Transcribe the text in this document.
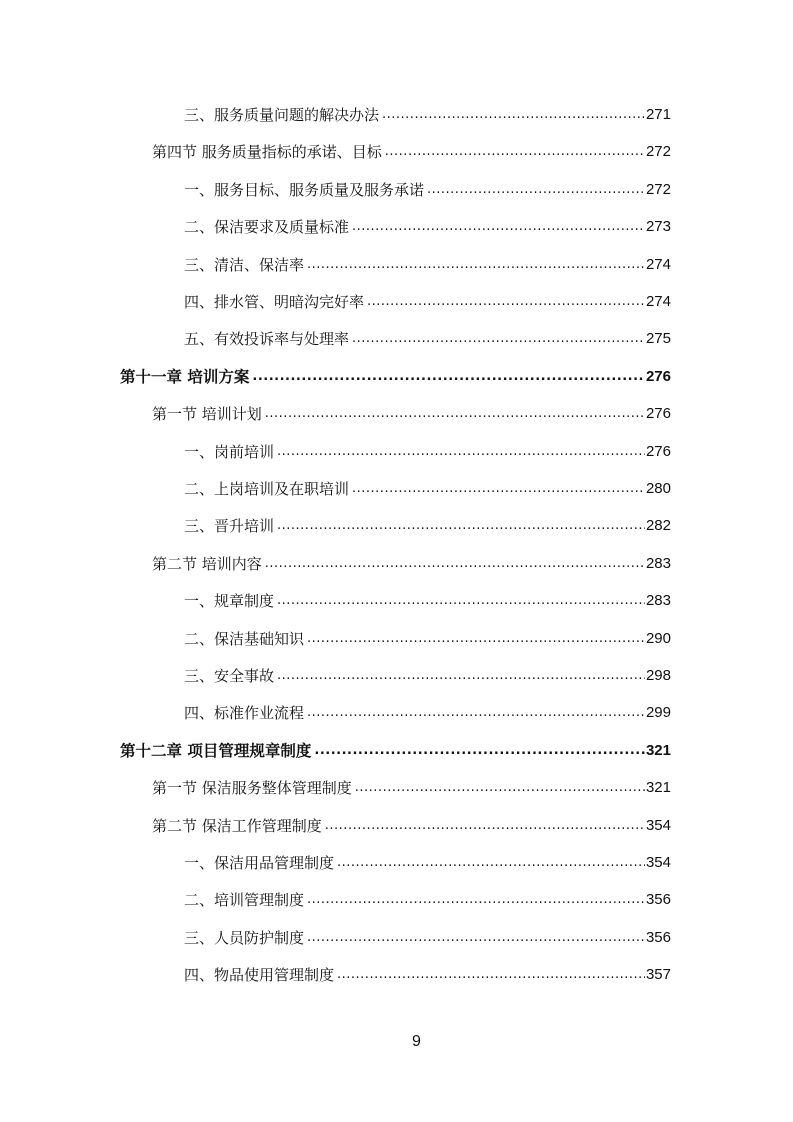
三、服务质量问题的解决办法 .....	271
第四节 服务质量指标的承诺、目标 .....	272
一、服务目标、服务质量及服务承诺 .....	272
二、保洁要求及质量标准 .....	273
三、清洁、保洁率 .....	274
四、排水管、明暗沟完好率 .....	274
五、有效投诉率与处理率 .....	275
第十一章 培训方案 .....	276
第一节 培训计划 .....	276
一、岗前培训 .....	276
二、上岗培训及在职培训 .....	280
三、晋升培训 .....	282
第二节 培训内容 .....	283
一、规章制度 .....	283
二、保洁基础知识 .....	290
三、安全事故 .....	298
四、标准作业流程 .....	299
第十二章 项目管理规章制度 .....	321
第一节 保洁服务整体管理制度 .....	321
第二节 保洁工作管理制度 .....	354
一、保洁用品管理制度 .....	354
二、培训管理制度 .....	356
三、人员防护制度 .....	356
四、物品使用管理制度 .....	357
9
